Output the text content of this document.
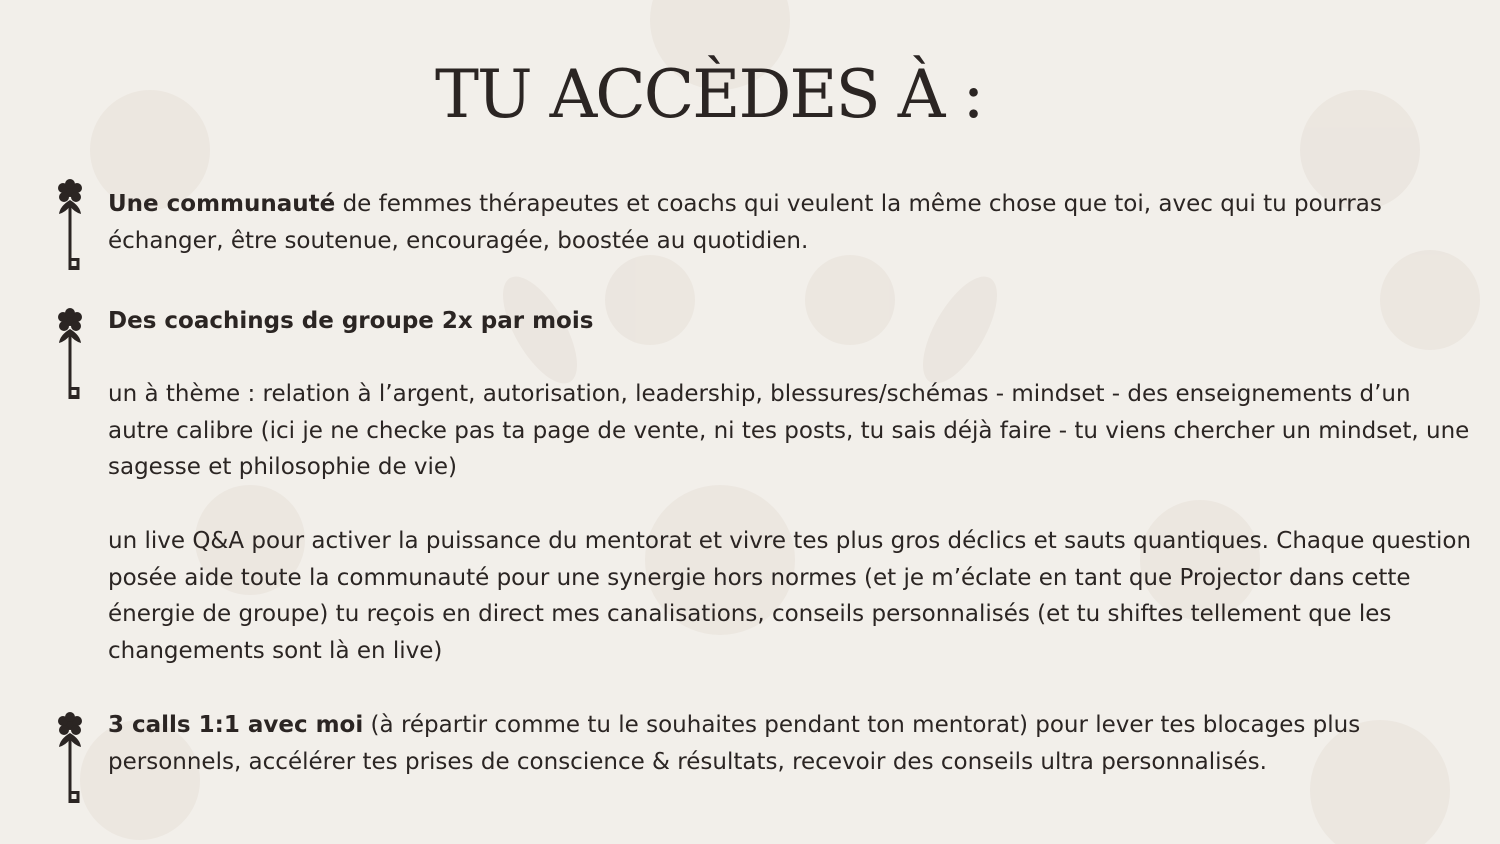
TU ACCÈDES À :

Une communauté de femmes thérapeutes et coachs qui veulent la même chose que toi, avec qui tu pourras échanger, être soutenue, encouragée, boostée au quotidien.

Des coachings de groupe 2x par mois

un à thème : relation à l’argent, autorisation, leadership, blessures/schémas - mindset - des enseignements d’un autre calibre (ici je ne checke pas ta page de vente, ni tes posts, tu sais déjà faire - tu viens chercher un mindset, une sagesse et philosophie de vie)

un live Q&A pour activer la puissance du mentorat et vivre tes plus gros déclics et sauts quantiques. Chaque question posée aide toute la communauté pour une synergie hors normes (et je m’éclate en tant que Projector dans cette énergie de groupe) tu reçois en direct mes canalisations, conseils personnalisés (et tu shiftes tellement que les changements sont là en live)

3 calls 1:1 avec moi (à répartir comme tu le souhaites pendant ton mentorat) pour lever tes blocages plus personnels, accélérer tes prises de conscience & résultats, recevoir des conseils ultra personnalisés.
